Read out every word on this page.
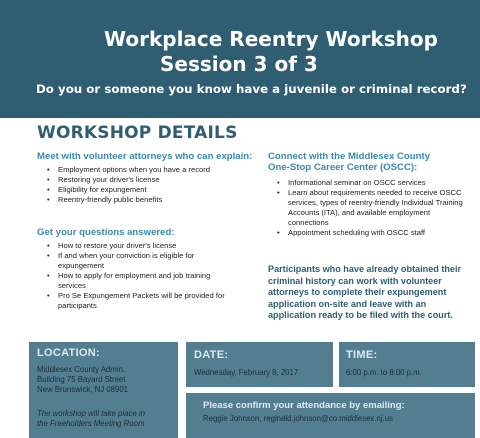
Workplace Reentry Workshop
Session 3 of 3
Do you or someone you know have a juvenile or criminal record?
WORKSHOP DETAILS
Meet with volunteer attorneys who can explain:
• Employment options when you have a record
• Restoring your driver's license
• Eligibility for expungement
• Reentry-friendly public benefits
Get your questions answered:
• How to restore your driver's license
• If and when your conviction is eligible for expungement
• How to apply for employment and job training services
• Pro Se Expungement Packets will be provided for participants
Connect with the Middlesex County
One-Stop Career Center (OSCC):
• Informational seminar on OSCC services
• Learn about requirements needed to receive OSCC services, types of reentry-friendly Individual Training Accounts (ITA), and available employment connections
• Appointment scheduling with OSCC staff
Participants who have already obtained their criminal history can work with volunteer attorneys to complete their expungement application on-site and leave with an application ready to be filed with the court.
LOCATION:
Middlesex County Admin.
Building 75 Bayard Street
New Brunswick, NJ 08901
The workshop will take place in
the Freeholders Meeting Room
DATE:
Wednesday, February 8, 2017
TIME:
6:00 p.m. to 8:00 p.m.
Please confirm your attendance by emailing:
Reggie Johnson, reginald.johnson@co.middlesex.nj.us
